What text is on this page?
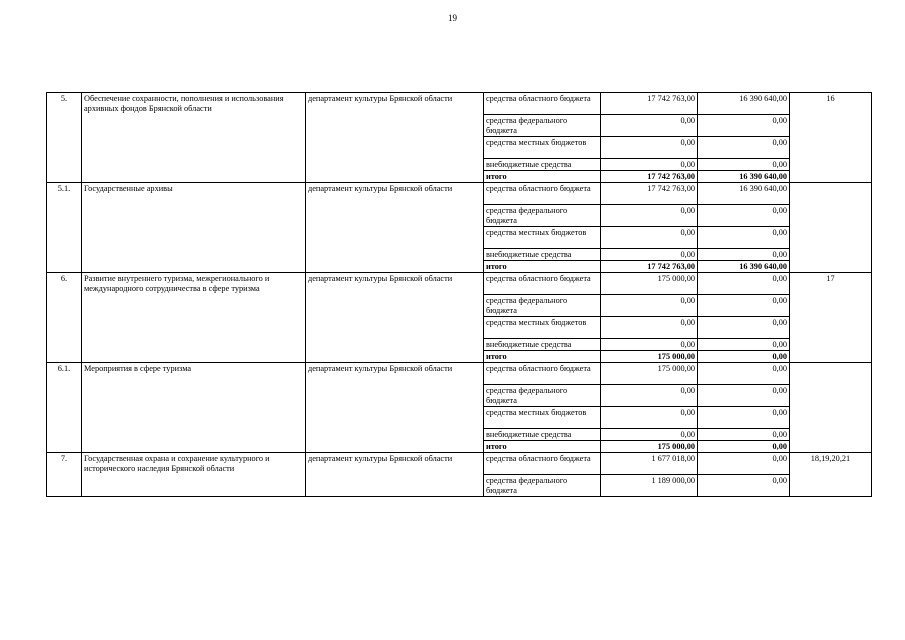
19
5.	Обеспечение сохранности, пополнения и использования архивных фондов Брянской области	департамент культуры Брянской области	средства областного бюджета	17 742 763,00	16 390 640,00	16
			средства федерального бюджета	0,00	0,00	
			средства местных бюджетов	0,00	0,00	
			внебюджетные средства	0,00	0,00	
			итого	17 742 763,00	16 390 640,00	
5.1.	Государственные архивы	департамент культуры Брянской области	средства областного бюджета	17 742 763,00	16 390 640,00	
			средства федерального бюджета	0,00	0,00	
			средства местных бюджетов	0,00	0,00	
			внебюджетные средства	0,00	0,00	
			итого	17 742 763,00	16 390 640,00	
6.	Развитие внутреннего туризма, межрегионального и международного сотрудничества в сфере туризма	департамент культуры Брянской области	средства областного бюджета	175 000,00	0,00	17
			средства федерального бюджета	0,00	0,00	
			средства местных бюджетов	0,00	0,00	
			внебюджетные средства	0,00	0,00	
			итого	175 000,00	0,00	
6.1.	Мероприятия в сфере туризма	департамент культуры Брянской области	средства областного бюджета	175 000,00	0,00	
			средства федерального бюджета	0,00	0,00	
			средства местных бюджетов	0,00	0,00	
			внебюджетные средства	0,00	0,00	
			итого	175 000,00	0,00	
7.	Государственная охрана и сохранение культурного и исторического наследия Брянской области	департамент культуры Брянской области	средства областного бюджета	1 677 018,00	0,00	18,19,20,21
			средства федерального бюджета	1 189 000,00	0,00	
